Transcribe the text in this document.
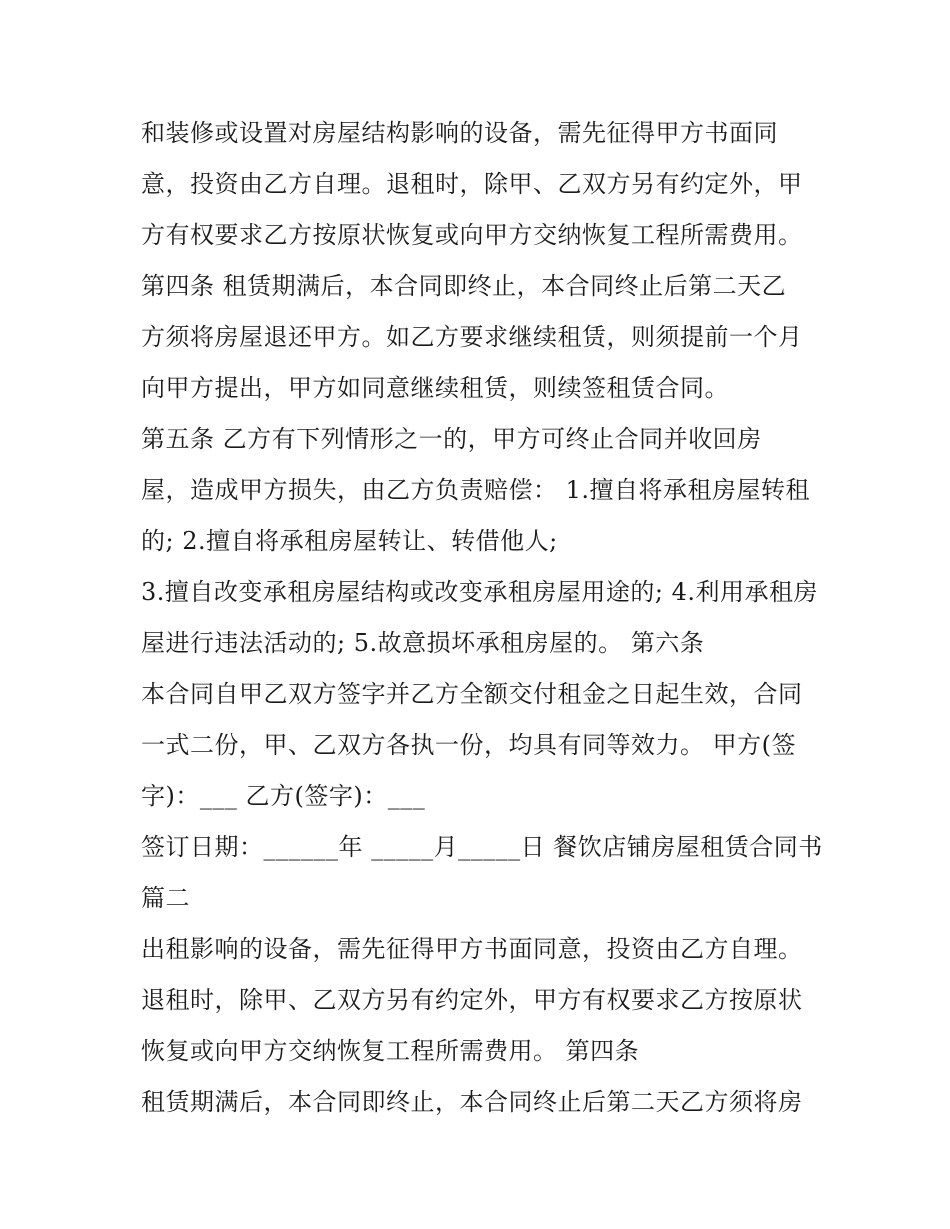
和装修或设置对房屋结构影响的设备，需先征得甲方书面同
意，投资由乙方自理。退租时，除甲、乙双方另有约定外，甲
方有权要求乙方按原状恢复或向甲方交纳恢复工程所需费用。
第四条 租赁期满后，本合同即终止，本合同终止后第二天乙
方须将房屋退还甲方。如乙方要求继续租赁，则须提前一个月
向甲方提出，甲方如同意继续租赁，则续签租赁合同。
第五条 乙方有下列情形之一的，甲方可终止合同并收回房
屋，造成甲方损失，由乙方负责赔偿： 1.擅自将承租房屋转租
的; 2.擅自将承租房屋转让、转借他人;
3.擅自改变承租房屋结构或改变承租房屋用途的; 4.利用承租房
屋进行违法活动的; 5.故意损坏承租房屋的。 第六条
本合同自甲乙双方签字并乙方全额交付租金之日起生效，合同
一式二份，甲、乙双方各执一份，均具有同等效力。 甲方(签
字)：___ 乙方(签字)：___
签订日期：______年 _____月_____日 餐饮店铺房屋租赁合同书
篇二
出租影响的设备，需先征得甲方书面同意，投资由乙方自理。
退租时，除甲、乙双方另有约定外，甲方有权要求乙方按原状
恢复或向甲方交纳恢复工程所需费用。 第四条
租赁期满后，本合同即终止，本合同终止后第二天乙方须将房
